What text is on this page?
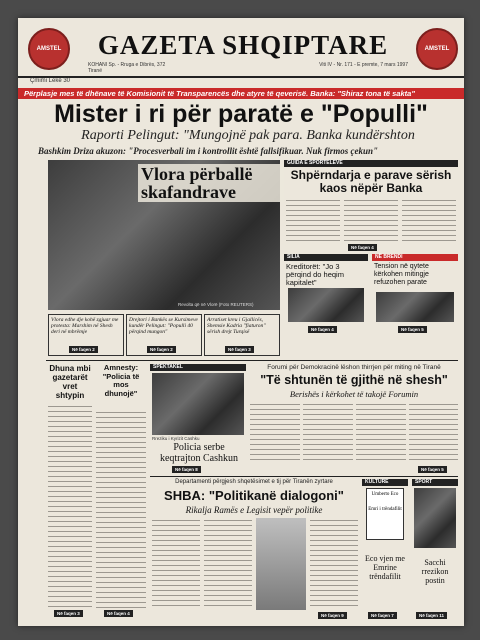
AMSTEL	GAZETA SHQIPTARE
KOHANI Sp. - Rruga e Dibrës, 372 Tiranë
Viti IV - Nr. 171 - E premte, 7 mars 1997
AMSTEL
Çmimi Lekë 30
Përplasje mes të dhënave të Komisionit të Transparencës dhe atyre të qeverisë. Banka: "Shiraz tona të sakta"
Mister i ri për paratë e "Populli"
Raporti Pelingut: "Mungojnë pak para. Banka kundërshton
Bashkim Driza akuzon: "Procesverbali im i kontrollit është fallsifikuar. Nuk firmos çekun"
Vlora përballë skafandrave
Revolta që në Vlorë (Foto REUTERS)
Vlora edhe dje kohë zgjuar me protesta: Marshim në Shesh deri në mbrëmje
Në faqen 2
Drejtori i Bankës se Kursimeve kundër Pelingut: "Populli 40 përqind mungon"
Në faqen 2
Arratiset kreu i Gjallicës, Shemsie Kadria "fiaturon" sërish drejt Turqisë
Në faqen 3
GUIDA E SPORTELEVE
Shpërndarja e parave sërish kaos nëpër Banka
Në faqen 4
SILIA
Kreditorët: "Jo 3 përqind do heqim kapitalet"
Në faqen 4
NË BRENDI
Tension në qytete kërkohen mitingje refuzohen parate
Në faqen 5
Dhuna mbi gazetarët vret shtypin
Në faqen 3
Amnesty: "Policia të mos dhunojë"
Në faqen 4
SPEKTAKEL
Rreziku i Kyrizit Cashku
Policia serbe keqtrajton Cashkun
Në faqen 8
Forumi për Demokracinë lëshon thirrjen për miting në Tiranë
"Të shtunën të gjithë në shesh"
Berishës i kërkohet të takojë Forumin
Në faqen 5
Departamenti përgjesh shqetësimet e tij për Tiranën zyrtare
SHBA: "Politikanë dialogoni"
Rikalja Ramës e Legisit vepër politike
Në faqen 9
KULTURE
Umberto Eco
Emri i trëndafilit
Eco vjen me Emrine trëndafilit
Në faqen 7
SPORT
Sacchi rrezikon postin
Në faqen 11
